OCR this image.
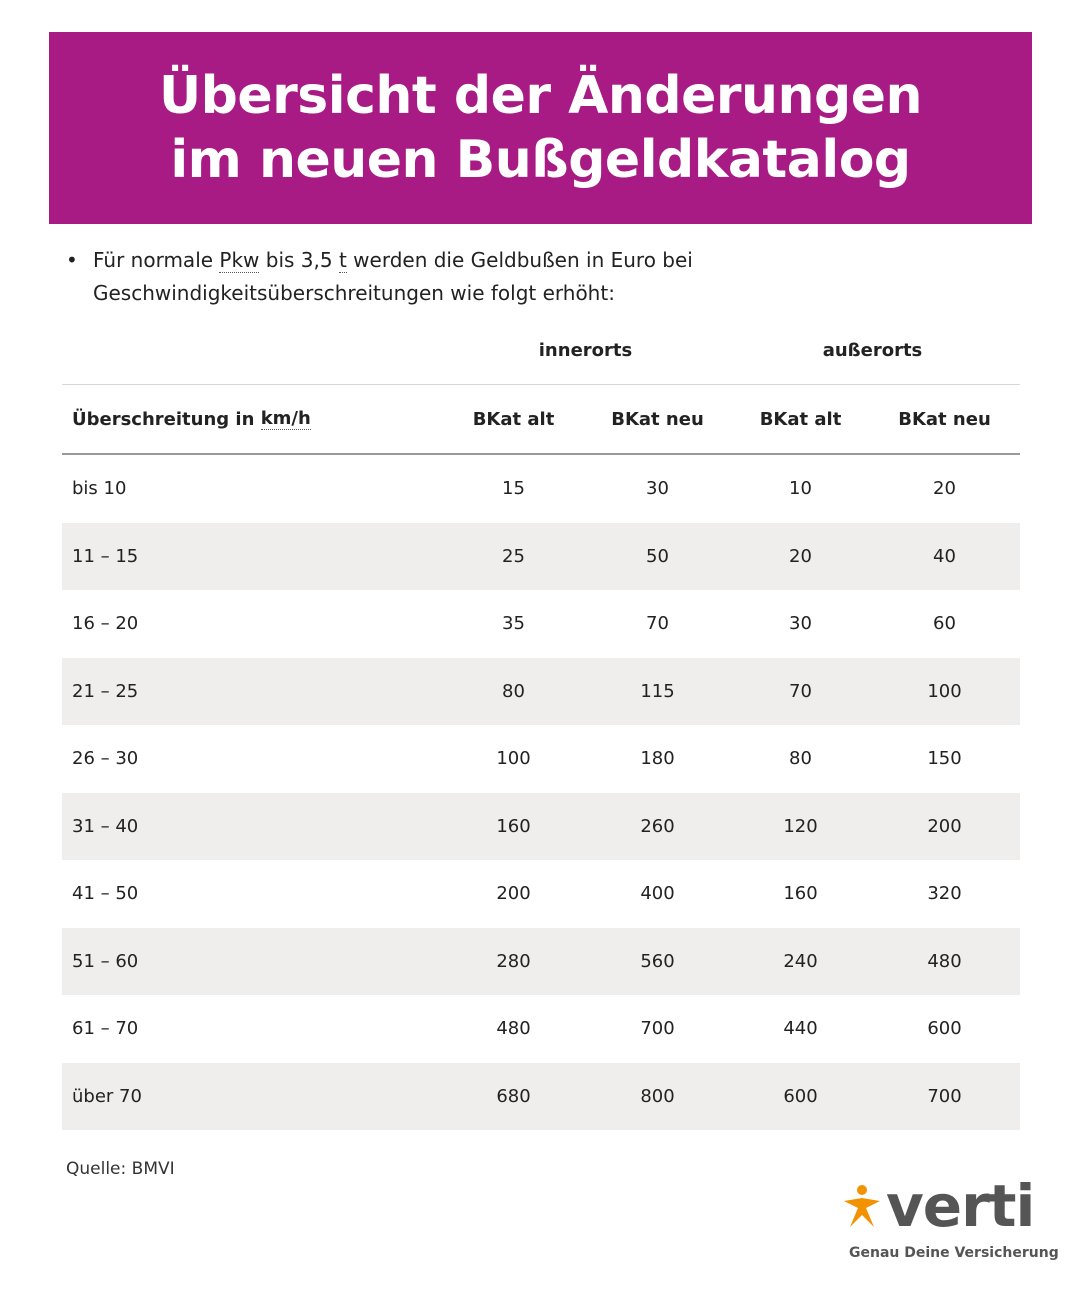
Übersicht der Änderungen
im neuen Bußgeldkatalog
• Für normale Pkw bis 3,5 t werden die Geldbußen in Euro bei Geschwindigkeitsüberschreitungen wie folgt erhöht:
innerorts	außerorts
Überschreitung in
km/h	BKat alt	BKat neu	BKat alt	BKat neu
bis 10	15	30	10	20
11 – 15	25	50	20	40
16 – 20	35	70	30	60
21 – 25	80	115	70	100
26 – 30	100	180	80	150
31 – 40	160	260	120	200
41 – 50	200	400	160	320
51 – 60	280	560	240	480
61 – 70	480	700	440	600
über 70	680	800	600	700
Quelle: BMVI
verti
Genau Deine Versicherung
